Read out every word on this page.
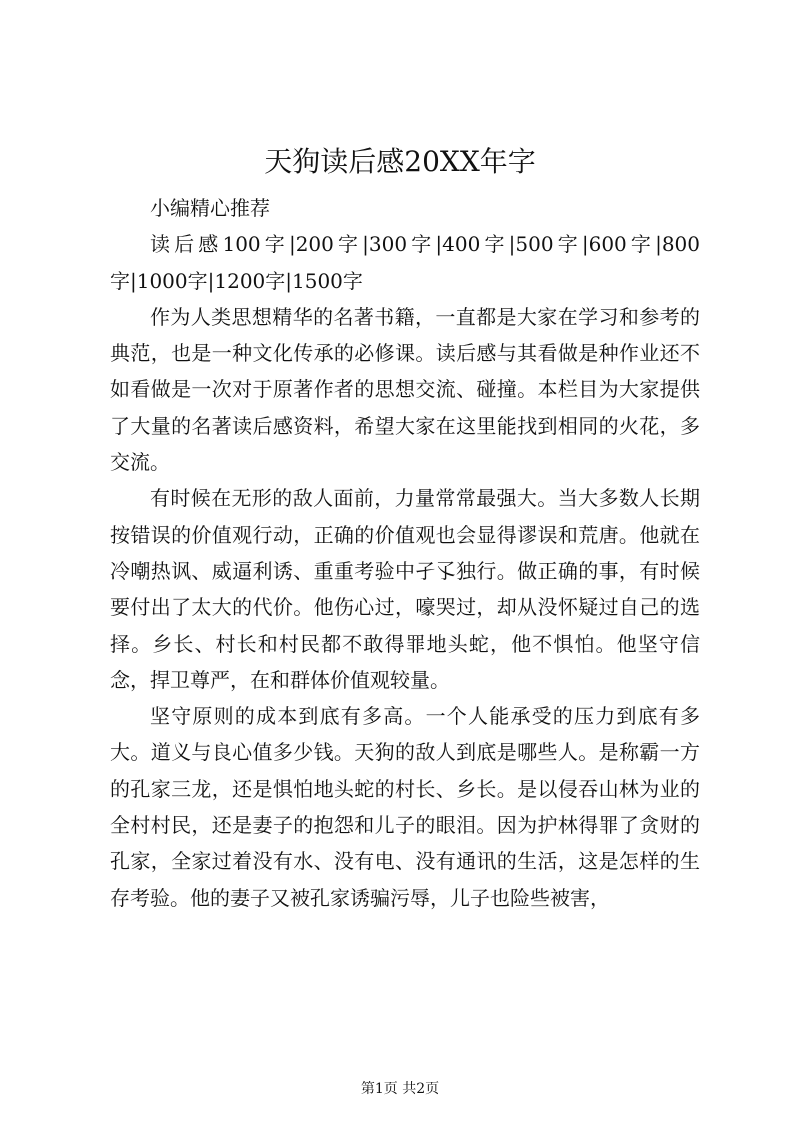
天狗读后感20XX年字

小编精心推荐

读后感100字|200字|300字|400字|500字|600字|800字|1000字|1200字|1500字

作为人类思想精华的名著书籍，一直都是大家在学习和参考的典范，也是一种文化传承的必修课。读后感与其看做是种作业还不如看做是一次对于原著作者的思想交流、碰撞。本栏目为大家提供了大量的名著读后感资料，希望大家在这里能找到相同的火花，多交流。

有时候在无形的敌人面前，力量常常最强大。当大多数人长期按错误的价值观行动，正确的价值观也会显得谬误和荒唐。他就在冷嘲热讽、威逼利诱、重重考验中孑孓独行。做正确的事，有时候要付出了太大的代价。他伤心过，嚎哭过，却从没怀疑过自己的选择。乡长、村长和村民都不敢得罪地头蛇，他不惧怕。他坚守信念，捍卫尊严，在和群体价值观较量。

坚守原则的成本到底有多高。一个人能承受的压力到底有多大。道义与良心值多少钱。天狗的敌人到底是哪些人。是称霸一方的孔家三龙，还是惧怕地头蛇的村长、乡长。是以侵吞山林为业的全村村民，还是妻子的抱怨和儿子的眼泪。因为护林得罪了贪财的孔家，全家过着没有水、没有电、没有通讯的生活，这是怎样的生存考验。他的妻子又被孔家诱骗污辱，儿子也险些被害，

第1页 共2页
